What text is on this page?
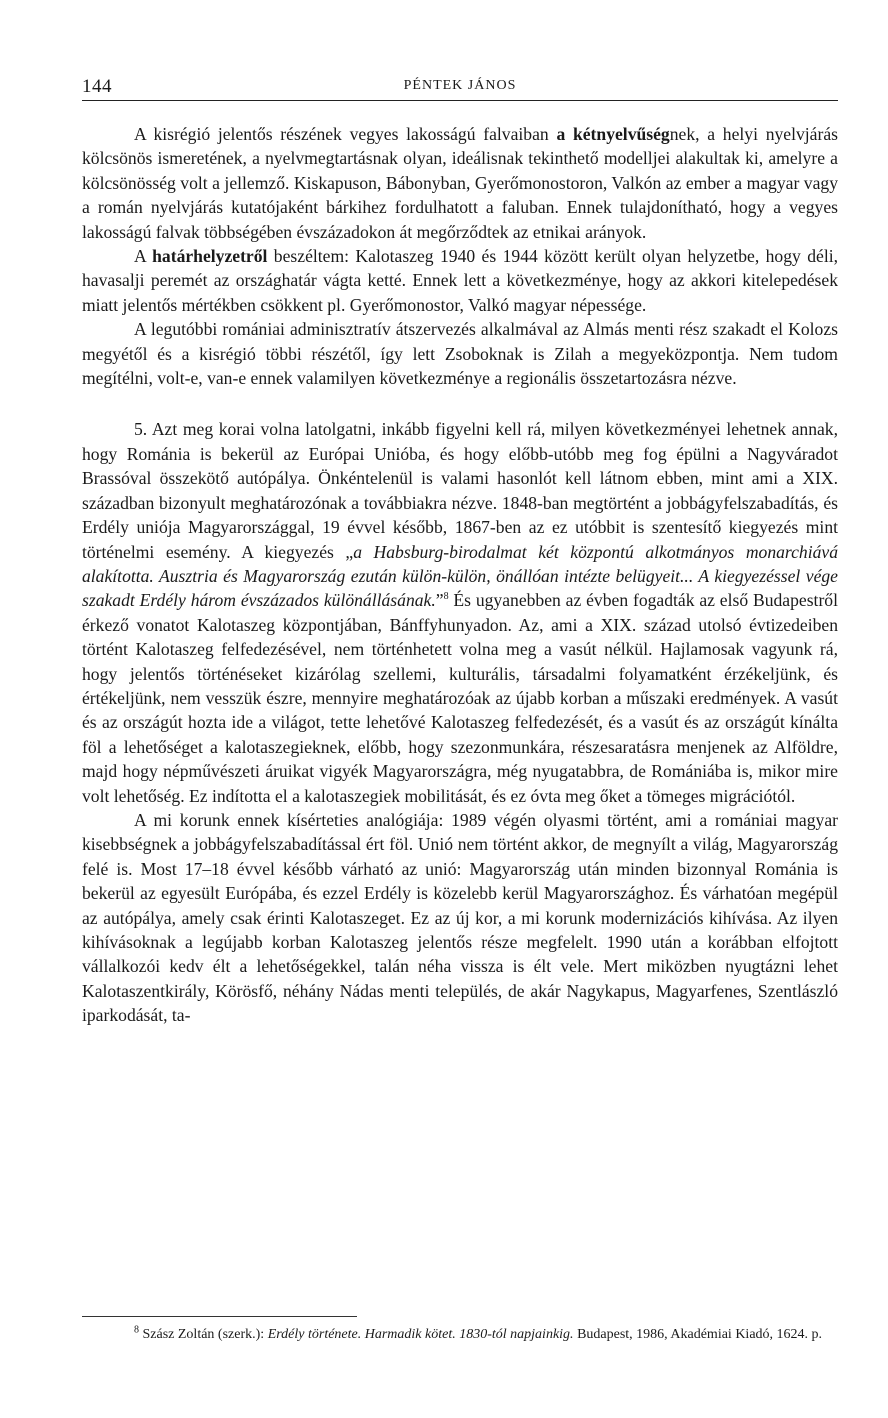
144	PÉNTEK JÁNOS

A kisrégió jelentős részének vegyes lakosságú falvaiban a kétnyelvűségnek, a helyi nyelvjárás kölcsönös ismeretének, a nyelvmegtartásnak olyan, ideálisnak tekinthető modelljei alakultak ki, amelyre a kölcsönösség volt a jellemző. Kiskapuson, Bábonyban, Gyerőmonostoron, Valkón az ember a magyar vagy a román nyelvjárás kutatójaként bárkihez fordulhatott a faluban. Ennek tulajdonítható, hogy a vegyes lakosságú falvak többségében évszázadokon át megőrződtek az etnikai arányok.

A határhelyzetről beszéltem: Kalotaszeg 1940 és 1944 között került olyan helyzetbe, hogy déli, havasalji peremét az országhatár vágta ketté. Ennek lett a következménye, hogy az akkori kitelepedések miatt jelentős mértékben csökkent pl. Gyerőmonostor, Valkó magyar népessége.

A legutóbbi romániai adminisztratív átszervezés alkalmával az Almás menti rész szakadt el Kolozs megyétől és a kisrégió többi részétől, így lett Zsoboknak is Zilah a megyeközpontja. Nem tudom megítélni, volt-e, van-e ennek valamilyen következménye a regionális összetartozásra nézve.

5. Azt meg korai volna latolgatni, inkább figyelni kell rá, milyen következményei lehetnek annak, hogy Románia is bekerül az Európai Unióba, és hogy előbb-utóbb meg fog épülni a Nagyváradot Brassóval összekötő autópálya. Önkéntelenül is valami hasonlót kell látnom ebben, mint ami a XIX. században bizonyult meghatározónak a továbbiakra nézve. 1848-ban megtörtént a jobbágyfelszabadítás, és Erdély uniója Magyarországgal, 19 évvel később, 1867-ben az ez utóbbit is szentesítő kiegyezés mint történelmi esemény. A kiegyezés „a Habsburg-birodalmat két központú alkotmányos monarchiává alakította. Ausztria és Magyarország ezután külön-külön, önállóan intézte belügyeit... A kiegyezéssel vége szakadt Erdély három évszázados különállásának.”$^8$ És ugyanebben az évben fogadták az első Budapestről érkező vonatot Kalotaszeg központjában, Bánffyhunyadon. Az, ami a XIX. század utolsó évtizedeiben történt Kalotaszeg felfedezésével, nem történhetett volna meg a vasút nélkül. Hajlamosak vagyunk rá, hogy jelentős történéseket kizárólag szellemi, kulturális, társadalmi folyamatként érzékeljünk, és értékeljünk, nem vesszük észre, mennyire meghatározóak az újabb korban a műszaki eredmények. A vasút és az országút hozta ide a világot, tette lehetővé Kalotaszeg felfedezését, és a vasút és az országút kínálta föl a lehetőséget a kalotaszegieknek, előbb, hogy szezonmunkára, részesaratásra menjenek az Alföldre, majd hogy népművészeti áruikat vigyék Magyarországra, még nyugatabbra, de Romániába is, mikor mire volt lehetőség. Ez indította el a kalotaszegiek mobilitását, és ez óvta meg őket a tömeges migrációtól.

A mi korunk ennek kísérteties analógiája: 1989 végén olyasmi történt, ami a romániai magyar kisebbségnek a jobbágyfelszabadítással ért föl. Unió nem történt akkor, de megnyílt a világ, Magyarország felé is. Most 17–18 évvel később várható az unió: Magyarország után minden bizonnyal Románia is bekerül az egyesült Európába, és ezzel Erdély is közelebb kerül Magyarországhoz. És várhatóan megépül az autópálya, amely csak érinti Kalotaszeget. Ez az új kor, a mi korunk modernizációs kihívása. Az ilyen kihívásoknak a legújabb korban Kalotaszeg jelentős része megfelelt. 1990 után a korábban elfojtott vállalkozói kedv élt a lehetőségekkel, talán néha vissza is élt vele. Mert miközben nyugtázni lehet Kalotaszentkirály, Körösfő, néhány Nádas menti település, de akár Nagykapus, Magyarfenes, Szentlászló iparkodását, ta-

$^8$ Szász Zoltán (szerk.): Erdély története. Harmadik kötet. 1830-tól napjainkig. Budapest, 1986, Akadémiai Kiadó, 1624. p.
